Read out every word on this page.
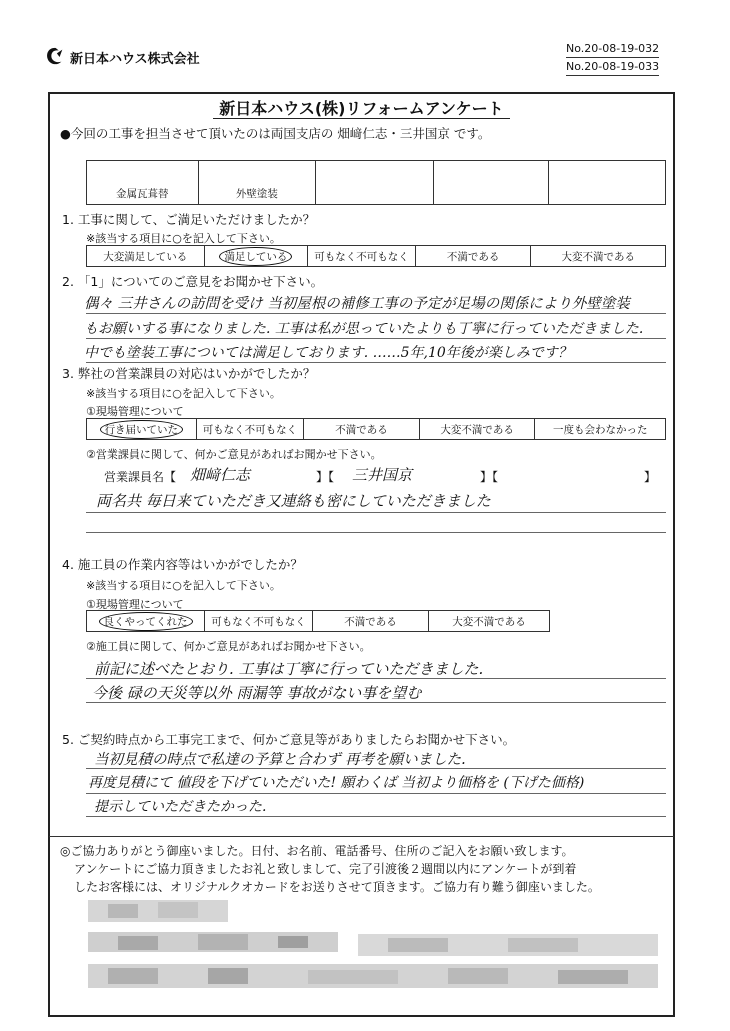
新日本ハウス株式会社
No.20-08-19-032
No.20-08-19-033
新日本ハウス(株)リフォームアンケート
●今回の工事を担当させて頂いたのは両国支店の 畑﨑仁志・三井国京 です。
金属瓦葺替	外壁塗装
1. 工事に関して、ご満足いただけましたか？
※該当する項目に○を記入して下さい。
大変満足している	満足している	可もなく不可もなく	不満である	大変不満である
2. 「1」についてのご意見をお聞かせ下さい。
偶々 三井さんの訪問を受け 当初屋根の補修工事の予定が足場の関係により外壁塗装
もお願いする事になりました. 工事は私が思っていたよりも丁寧に行っていただきました.
中でも塗装工事については満足しております. ……5年,10年後が楽しみです？
3. 弊社の営業課員の対応はいかがでしたか？
※該当する項目に○を記入して下さい。
①現場管理について
行き届いていた	可もなく不可もなく	不満である	大変不満である	一度も会わなかった
②営業課員に関して、何かご意見があればお聞かせ下さい。
営業課員名【 畑﨑仁志	】【 三井国京	】【	】
両名共 毎日来ていただき又連絡も密にしていただきました
4. 施工員の作業内容等はいかがでしたか？
※該当する項目に○を記入して下さい。
①現場管理について
良くやってくれた	可もなく不可もなく	不満である	大変不満である
②施工員に関して、何かご意見があればお聞かせ下さい。
前記に述べたとおり. 工事は丁寧に行っていただきました.
今後 碌の天災等以外 雨漏等 事故がない事を望む
5. ご契約時点から工事完工まで、何かご意見等がありましたらお聞かせ下さい。
当初見積の時点で私達の予算と合わず 再考を願いました.
再度見積にて 値段を下げていただいた! 願わくば 当初より価格を (下げた価格)
提示していただきたかった.
◎ご協力ありがとう御座いました。日付、お名前、電話番号、住所のご記入をお願い致します。
アンケートにご協力頂きましたお礼と致しまして、完了引渡後２週間以内にアンケートが到着
したお客様には、オリジナルクオカードをお送りさせて頂きます。ご協力有り難う御座いました。
